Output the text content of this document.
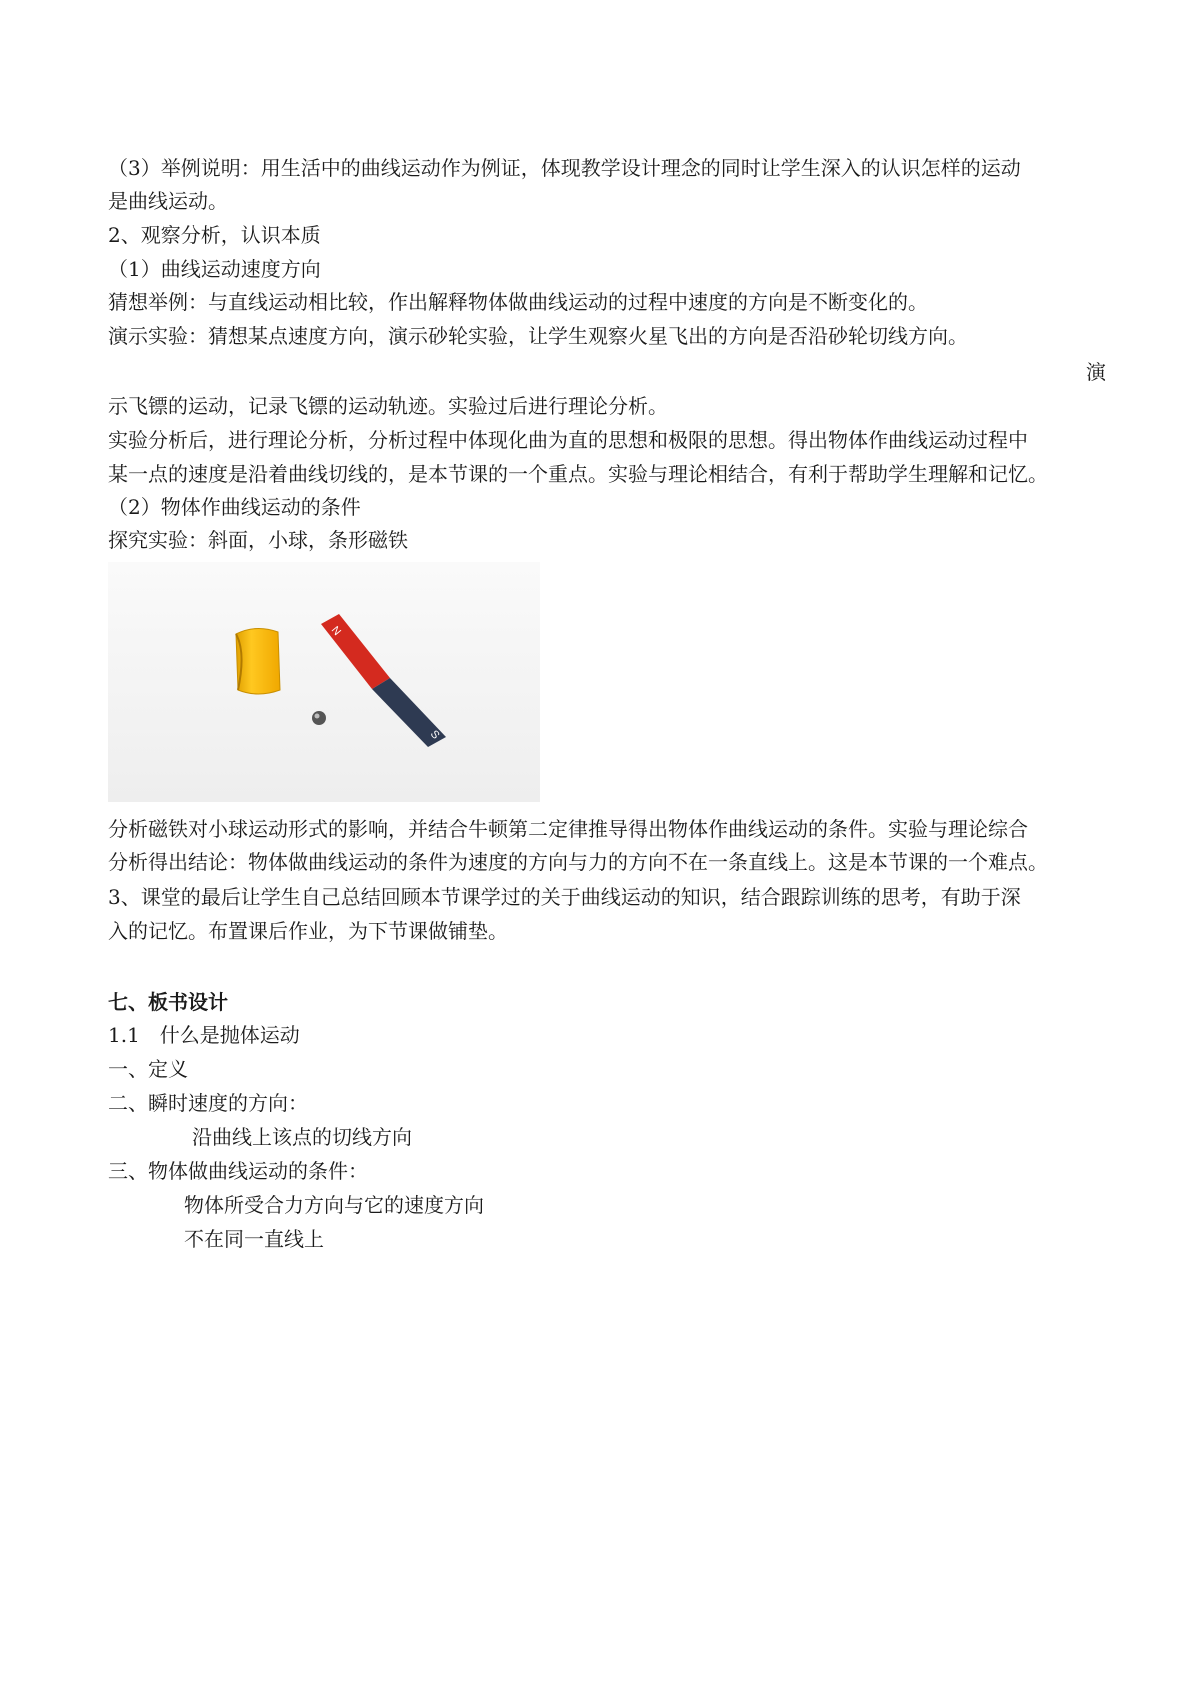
（3）举例说明：用生活中的曲线运动作为例证，体现教学设计理念的同时让学生深入的认识怎样的运动
是曲线运动。
2、观察分析，认识本质
（1）曲线运动速度方向
猜想举例：与直线运动相比较，作出解释物体做曲线运动的过程中速度的方向是不断变化的。
演示实验：猜想某点速度方向，演示砂轮实验，让学生观察火星飞出的方向是否沿砂轮切线方向。
演
示飞镖的运动，记录飞镖的运动轨迹。实验过后进行理论分析。
实验分析后，进行理论分析，分析过程中体现化曲为直的思想和极限的思想。得出物体作曲线运动过程中
某一点的速度是沿着曲线切线的，是本节课的一个重点。实验与理论相结合，有利于帮助学生理解和记忆。
（2）物体作曲线运动的条件
探究实验：斜面，小球，条形磁铁
N
S
分析磁铁对小球运动形式的影响，并结合牛顿第二定律推导得出物体作曲线运动的条件。实验与理论综合
分析得出结论：物体做曲线运动的条件为速度的方向与力的方向不在一条直线上。这是本节课的一个难点。
3、课堂的最后让学生自己总结回顾本节课学过的关于曲线运动的知识，结合跟踪训练的思考，有助于深
入的记忆。布置课后作业，为下节课做铺垫。
七、板书设计
1.1　什么是抛体运动
一、定义
二、瞬时速度的方向：
沿曲线上该点的切线方向
三、物体做曲线运动的条件：
物体所受合力方向与它的速度方向
不在同一直线上
